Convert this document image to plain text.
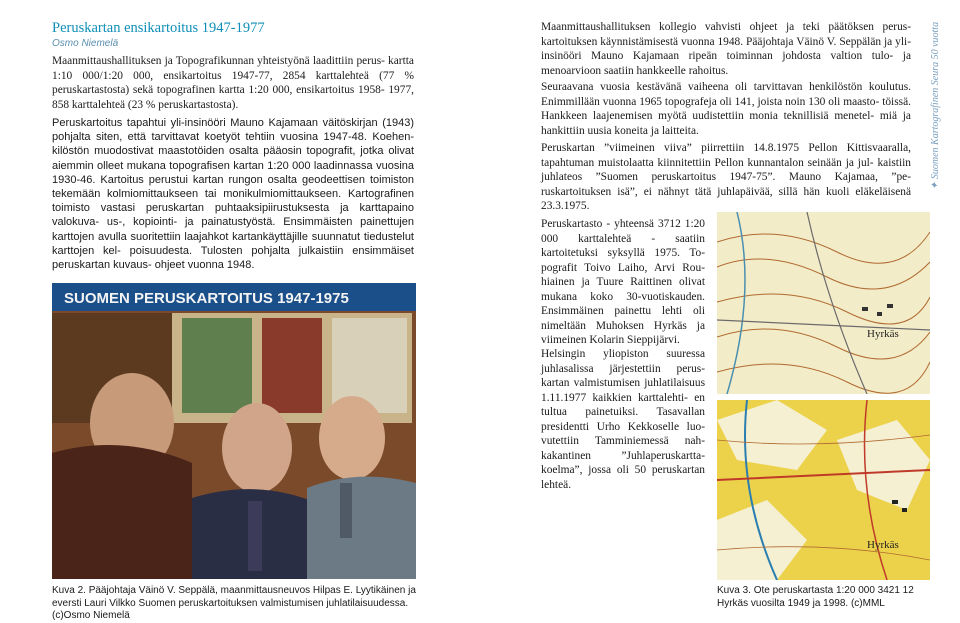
Peruskartan ensikartoitus 1947-1977
Osmo Niemelä

Maanmittaushallituksen ja Topografikunnan yhteistyönä laadittiin perus- kartta 1:10 000/1:20 000, ensikartoitus 1947-77, 2854 karttalehteä (77 % peruskartastosta) sekä topografinen kartta 1:20 000, ensikartoitus 1958- 1977, 858 karttalehteä (23 % peruskartastosta).

Peruskartoitus tapahtui yli-insinööri Mauno Kajamaan väitöskirjan (1943) pohjalta siten, että tarvittavat koetyöt tehtiin vuosina 1947-48. Koehen- kilöstön muodostivat maastotöiden osalta pääosin topografit, jotka olivat aiemmin olleet mukana topografisen kartan 1:20 000 laadinnassa vuosina 1930-46. Kartoitus perustui kartan rungon osalta geodeettisen toimiston tekemään kolmiomittaukseen tai monikulmiomittaukseen. Kartografinen toimisto vastasi peruskartan puhtaaksipiirustuksesta ja karttapaino valokuva- us-, kopiointi- ja painatustyöstä. Ensimmäisten painettujen karttojen avulla suoritettiin laajahkot kartankäyttäjille suunnatut tiedustelut karttojen kel- poisuudesta. Tulosten pohjalta julkaistiin ensimmäiset peruskartan kuvaus- ohjeet vuonna 1948.

SUOMEN PERUSKARTOITUS 1947-1975
Kuva 2. Pääjohtaja Väinö V. Seppälä, maanmittausneuvos Hilpas E. Lyytikäinen ja eversti Lauri Vilkko Suomen peruskartoituksen valmistumisen juhlatilaisuudessa. (c)Osmo Niemelä

Maanmittaushallituksen kollegio vahvisti ohjeet ja teki päätöksen perus- kartoituksen käynnistämisestä vuonna 1948. Pääjohtaja Väinö V. Seppälän ja yli-insinööri Mauno Kajamaan ripeän toiminnan johdosta valtion tulo- ja menoarvioon saatiin hankkeelle rahoitus.

Seuraavana vuosia kestävänä vaiheena oli tarvittavan henkilöstön koulutus. Enimmillään vuonna 1965 topografeja oli 141, joista noin 130 oli maasto- töissä. Hankkeen laajenemisen myötä uudistettiin monia teknillisiä menetel- miä ja hankittiin uusia koneita ja laitteita.

Peruskartan ”viimeinen viiva” piirrettiin 14.8.1975 Pellon Kittisvaaralla, tapahtuman muistolaatta kiinnitettiin Pellon kunnantalon seinään ja jul- kaistiin juhlateos ”Suomen peruskartoitus 1947-75”. Mauno Kajamaa, ”pe- ruskartoituksen isä”, ei nähnyt tätä juhlapäivää, sillä hän kuoli eläkeläisenä 23.3.1975.

Peruskartasto - yhteensä 3712 1:20 000 karttalehteä - saatiin kartoitetuksi syksyllä 1975. To- pografit Toivo Laiho, Arvi Rou- hiainen ja Tuure Raittinen olivat mukana koko 30-vuotiskauden. Ensimmäinen painettu lehti oli nimeltään Muhoksen Hyrkäs ja viimeinen Kolarin Sieppijärvi.

Helsingin yliopiston suuressa juhlasalissa järjestettiin perus- kartan valmistumisen juhlatilaisuus 1.11.1977 kaikkien karttalehti- en tultua painetuiksi. Tasavallan presidentti Urho Kekkoselle luo- vutettiin Tamminiemessä nah- kakantinen ”Juhlaperuskartta- koelma”, jossa oli 50 peruskartan lehteä.

Hyrkäs
Hyrkäs
Kuva 3. Ote peruskartasta 1:20 000 3421 12 Hyrkäs vuosilta 1949 ja 1998. (c)MML
✦ Suomen Kartografinen Seura 50 vuotta
